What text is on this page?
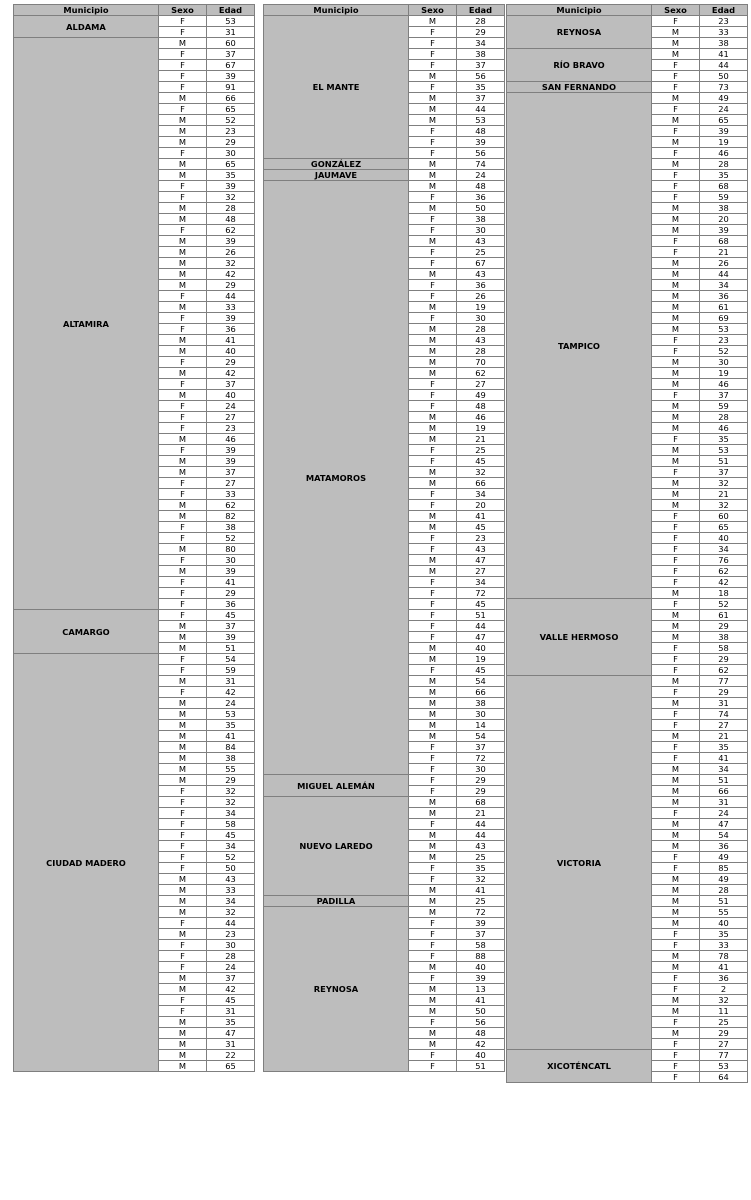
Municipio	Sexo	Edad
ALDAMA	F	53
	F	31
ALTAMIRA	M	60
	F	37
	F	67
	F	39
	F	91
	M	66
	F	65
	M	52
	M	23
	M	29
	F	30
	M	65
	M	35
	F	39
	F	32
	M	28
	M	48
	F	62
	M	39
	M	26
	M	32
	M	42
	M	29
	F	44
	M	33
	F	39
	F	36
	M	41
	M	40
	F	29
	M	42
	F	37
	M	40
	F	24
	F	27
	F	23
	M	46
	F	39
	M	39
	M	37
	F	27
	F	33
	M	62
	M	82
	F	38
	F	52
	M	80
	F	30
	M	39
	F	41
	F	29
	F	36
CAMARGO	F	45
	M	37
	M	39
	M	51
CIUDAD MADERO	F	54
	F	59
	M	31
	F	42
	M	24
	M	53
	M	35
	M	41
	M	84
	M	38
	M	55
	M	29
	F	32
	F	32
	F	34
	F	58
	F	45
	F	34
	F	52
	F	50
	M	43
	M	33
	M	34
	M	32
	F	44
	M	23
	F	30
	F	28
	F	24
	M	37
	M	42
	F	45
	F	31
	M	35
	M	47
	M	31
	M	22
	M	65
Municipio	Sexo	Edad
EL MANTE	M	28
	F	29
	F	34
	F	38
	F	37
	M	56
	F	35
	M	37
	M	44
	M	53
	F	48
	F	39
	F	56
GONZÁLEZ	M	74
JAUMAVE	M	24
MATAMOROS	M	48
	F	36
	M	50
	F	38
	F	30
	M	43
	F	25
	F	67
	M	43
	F	36
	F	26
	M	19
	F	30
	M	28
	M	43
	M	28
	M	70
	M	62
	F	27
	F	49
	F	48
	M	46
	M	19
	M	21
	F	25
	F	45
	M	32
	M	66
	F	34
	F	20
	M	41
	M	45
	F	23
	F	43
	M	47
	M	27
	F	34
	F	72
	F	45
	F	51
	F	44
	F	47
	M	40
	M	19
	F	45
	M	54
	M	66
	M	38
	M	30
	M	14
	M	54
	F	37
	F	72
	F	30
MIGUEL ALEMÁN	F	29
	F	29
NUEVO LAREDO	M	68
	M	21
	F	44
	M	44
	M	43
	M	25
	F	35
	F	32
	M	41
PADILLA	M	25
REYNOSA	M	72
	F	39
	F	37
	F	58
	F	88
	M	40
	F	39
	M	13
	M	41
	M	50
	F	56
	M	48
	M	42
	F	40
	F	51
Municipio	Sexo	Edad
REYNOSA	F	23
	M	33
	M	38
RÍO BRAVO	M	41
	F	44
	F	50
SAN FERNANDO	F	73
TAMPICO	M	49
	F	24
	M	65
	F	39
	M	19
	F	46
	M	28
	F	35
	F	68
	F	59
	M	38
	M	20
	M	39
	F	68
	F	21
	M	26
	M	44
	M	34
	M	36
	M	61
	M	69
	M	53
	F	23
	F	52
	M	30
	M	19
	M	46
	F	37
	M	59
	M	28
	M	46
	F	35
	M	53
	M	51
	F	37
	M	32
	M	21
	M	32
	F	60
	F	65
	F	40
	F	34
	F	76
	F	62
	F	42
	M	18
VALLE HERMOSO	F	52
	M	61
	M	29
	M	38
	F	58
	F	29
	F	62
VICTORIA	M	77
	F	29
	M	31
	F	74
	F	27
	M	21
	F	35
	F	41
	M	34
	M	51
	M	66
	M	31
	F	24
	M	47
	M	54
	M	36
	F	49
	F	85
	M	49
	M	28
	M	51
	M	55
	M	40
	F	35
	F	33
	M	78
	M	41
	F	36
	F	2
	M	32
	M	11
	F	25
	M	29
	F	27
XICOTÉNCATL	F	77
	F	53
	F	64
